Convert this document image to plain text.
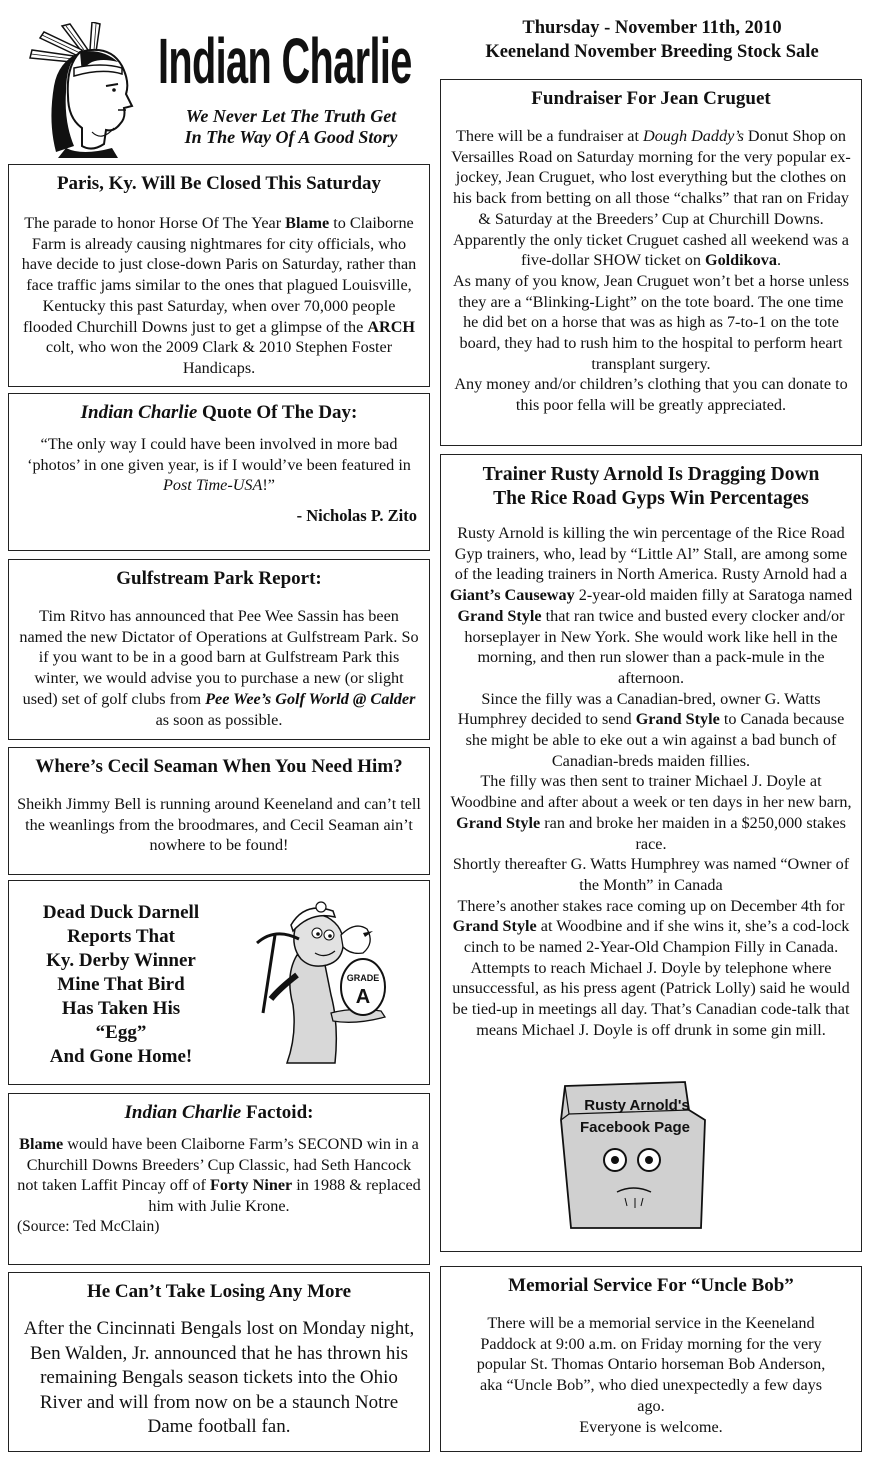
Indian Charlie
We Never Let The Truth Get
In The Way Of A Good Story
Thursday - November 11th, 2010
Keeneland November Breeding Stock Sale
Paris, Ky. Will Be Closed This Saturday

The parade to honor Horse Of The Year Blame to Claiborne Farm is already causing nightmares for city officials, who have decide to just close-down Paris on Saturday, rather than face traffic jams similar to the ones that plagued Louisville, Kentucky this past Saturday, when over 70,000 people flooded Churchill Downs just to get a glimpse of the ARCH colt, who won the 2009 Clark & 2010 Stephen Foster Handicaps.

Indian Charlie Quote Of The Day:

“The only way I could have been involved in more bad ‘photos’ in one given year, is if I would’ve been featured in Post Time-USA!”

- Nicholas P. Zito
Gulfstream Park Report:

Tim Ritvo has announced that Pee Wee Sassin has been named the new Dictator of Operations at Gulfstream Park. So if you want to be in a good barn at Gulfstream Park this winter, we would advise you to purchase a new (or slight used) set of golf clubs from Pee Wee’s Golf World @ Calder as soon as possible.

Where’s Cecil Seaman When You Need Him?

Sheikh Jimmy Bell is running around Keeneland and can’t tell the weanlings from the broodmares, and Cecil Seaman ain’t nowhere to be found!

Dead Duck Darnell
Reports That
Ky. Derby Winner
Mine That Bird
Has Taken His
“Egg”
And Gone Home!
GRADE
A
Indian Charlie Factoid:

Blame would have been Claiborne Farm’s SECOND win in a Churchill Downs Breeders’ Cup Classic, had Seth Hancock not taken Laffit Pincay off of Forty Niner in 1988 & replaced him with Julie Krone.

(Source: Ted McClain)

He Can’t Take Losing Any More

After the Cincinnati Bengals lost on Monday night, Ben Walden, Jr. announced that he has thrown his remaining Bengals season tickets into the Ohio River and will from now on be a staunch Notre Dame football fan.

Fundraiser For Jean Cruguet

There will be a fundraiser at Dough Daddy’s Donut Shop on Versailles Road on Saturday morning for the very popular ex-jockey, Jean Cruguet, who lost everything but the clothes on his back from betting on all those “chalks” that ran on Friday & Saturday at the Breeders’ Cup at Churchill Downs.

Apparently the only ticket Cruguet cashed all weekend was a five-dollar SHOW ticket on Goldikova.

As many of you know, Jean Cruguet won’t bet a horse unless they are a “Blinking-Light” on the tote board. The one time he did bet on a horse that was as high as 7-to-1 on the tote board, they had to rush him to the hospital to perform heart transplant surgery.

Any money and/or children’s clothing that you can donate to this poor fella will be greatly appreciated.

Trainer Rusty Arnold Is Dragging Down
The Rice Road Gyps Win Percentages

Rusty Arnold is killing the win percentage of the Rice Road Gyp trainers, who, lead by “Little Al” Stall, are among some of the leading trainers in North America. Rusty Arnold had a Giant’s Causeway 2-year-old maiden filly at Saratoga named Grand Style that ran twice and busted every clocker and/or horseplayer in New York. She would work like hell in the morning, and then run slower than a pack-mule in the afternoon.

Since the filly was a Canadian-bred, owner G. Watts Humphrey decided to send Grand Style to Canada because she might be able to eke out a win against a bad bunch of Canadian-breds maiden fillies.

The filly was then sent to trainer Michael J. Doyle at Woodbine and after about a week or ten days in her new barn, Grand Style ran and broke her maiden in a $250,000 stakes race.

Shortly thereafter G. Watts Humphrey was named “Owner of the Month” in Canada

There’s another stakes race coming up on December 4th for Grand Style at Woodbine and if she wins it, she’s a cod-lock cinch to be named 2-Year-Old Champion Filly in Canada. Attempts to reach Michael J. Doyle by telephone where unsuccessful, as his press agent (Patrick Lolly) said he would be tied-up in meetings all day. That’s Canadian code-talk that means Michael J. Doyle is off drunk in some gin mill.

Rusty Arnold's
Facebook Page
Memorial Service For “Uncle Bob”

There will be a memorial service in the Keeneland Paddock at 9:00 a.m. on Friday morning for the very popular St. Thomas Ontario horseman Bob Anderson, aka “Uncle Bob”, who died unexpectedly a few days ago.

Everyone is welcome.
